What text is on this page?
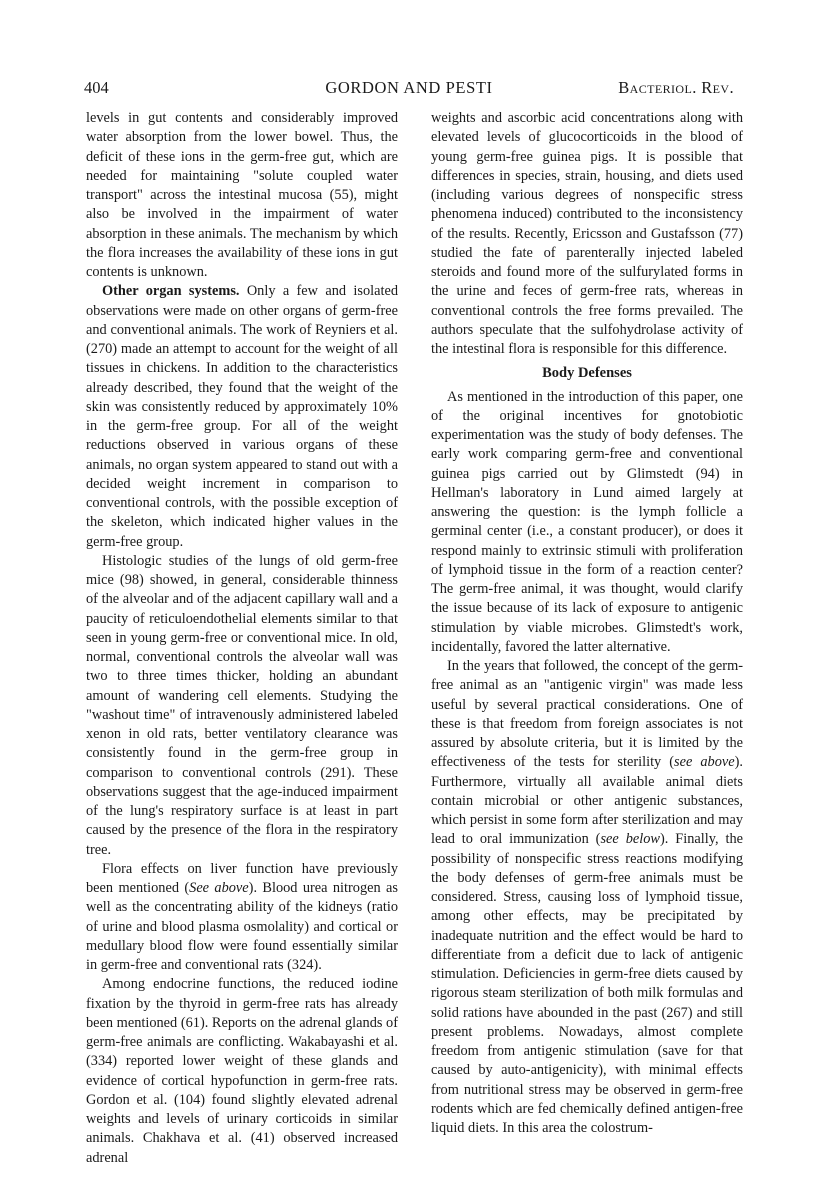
404	GORDON AND PESTI	Bacteriol. Rev.

levels in gut contents and considerably improved water absorption from the lower bowel. Thus, the deficit of these ions in the germ-free gut, which are needed for maintaining "solute coupled water transport" across the intestinal mucosa (55), might also be involved in the impairment of water absorption in these animals. The mechanism by which the flora increases the availability of these ions in gut contents is unknown.

Other organ systems. Only a few and isolated observations were made on other organs of germ-free and conventional animals. The work of Reyniers et al. (270) made an attempt to account for the weight of all tissues in chickens. In addition to the characteristics already described, they found that the weight of the skin was consistently reduced by approximately 10% in the germ-free group. For all of the weight reductions observed in various organs of these animals, no organ system appeared to stand out with a decided weight increment in comparison to conventional controls, with the possible exception of the skeleton, which indicated higher values in the germ-free group.

Histologic studies of the lungs of old germ-free mice (98) showed, in general, considerable thinness of the alveolar and of the adjacent capillary wall and a paucity of reticuloendothelial elements similar to that seen in young germ-free or conventional mice. In old, normal, conventional controls the alveolar wall was two to three times thicker, holding an abundant amount of wandering cell elements. Studying the "washout time" of intravenously administered labeled xenon in old rats, better ventilatory clearance was consistently found in the germ-free group in comparison to conventional controls (291). These observations suggest that the age-induced impairment of the lung's respiratory surface is at least in part caused by the presence of the flora in the respiratory tree.

Flora effects on liver function have previously been mentioned (See above). Blood urea nitrogen as well as the concentrating ability of the kidneys (ratio of urine and blood plasma osmolality) and cortical or medullary blood flow were found essentially similar in germ-free and conventional rats (324).

Among endocrine functions, the reduced iodine fixation by the thyroid in germ-free rats has already been mentioned (61). Reports on the adrenal glands of germ-free animals are conflicting. Wakabayashi et al. (334) reported lower weight of these glands and evidence of cortical hypofunction in germ-free rats. Gordon et al. (104) found slightly elevated adrenal weights and levels of urinary corticoids in similar animals. Chakhava et al. (41) observed increased adrenal

weights and ascorbic acid concentrations along with elevated levels of glucocorticoids in the blood of young germ-free guinea pigs. It is possible that differences in species, strain, housing, and diets used (including various degrees of nonspecific stress phenomena induced) contributed to the inconsistency of the results. Recently, Ericsson and Gustafsson (77) studied the fate of parenterally injected labeled steroids and found more of the sulfurylated forms in the urine and feces of germ-free rats, whereas in conventional controls the free forms prevailed. The authors speculate that the sulfohydrolase activity of the intestinal flora is responsible for this difference.

Body Defenses

As mentioned in the introduction of this paper, one of the original incentives for gnotobiotic experimentation was the study of body defenses. The early work comparing germ-free and conventional guinea pigs carried out by Glimstedt (94) in Hellman's laboratory in Lund aimed largely at answering the question: is the lymph follicle a germinal center (i.e., a constant producer), or does it respond mainly to extrinsic stimuli with proliferation of lymphoid tissue in the form of a reaction center? The germ-free animal, it was thought, would clarify the issue because of its lack of exposure to antigenic stimulation by viable microbes. Glimstedt's work, incidentally, favored the latter alternative.

In the years that followed, the concept of the germ-free animal as an "antigenic virgin" was made less useful by several practical considerations. One of these is that freedom from foreign associates is not assured by absolute criteria, but it is limited by the effectiveness of the tests for sterility (see above). Furthermore, virtually all available animal diets contain microbial or other antigenic substances, which persist in some form after sterilization and may lead to oral immunization (see below). Finally, the possibility of nonspecific stress reactions modifying the body defenses of germ-free animals must be considered. Stress, causing loss of lymphoid tissue, among other effects, may be precipitated by inadequate nutrition and the effect would be hard to differentiate from a deficit due to lack of antigenic stimulation. Deficiencies in germ-free diets caused by rigorous steam sterilization of both milk formulas and solid rations have abounded in the past (267) and still present problems. Nowadays, almost complete freedom from antigenic stimulation (save for that caused by auto-antigenicity), with minimal effects from nutritional stress may be observed in germ-free rodents which are fed chemically defined antigen-free liquid diets. In this area the colostrum-
